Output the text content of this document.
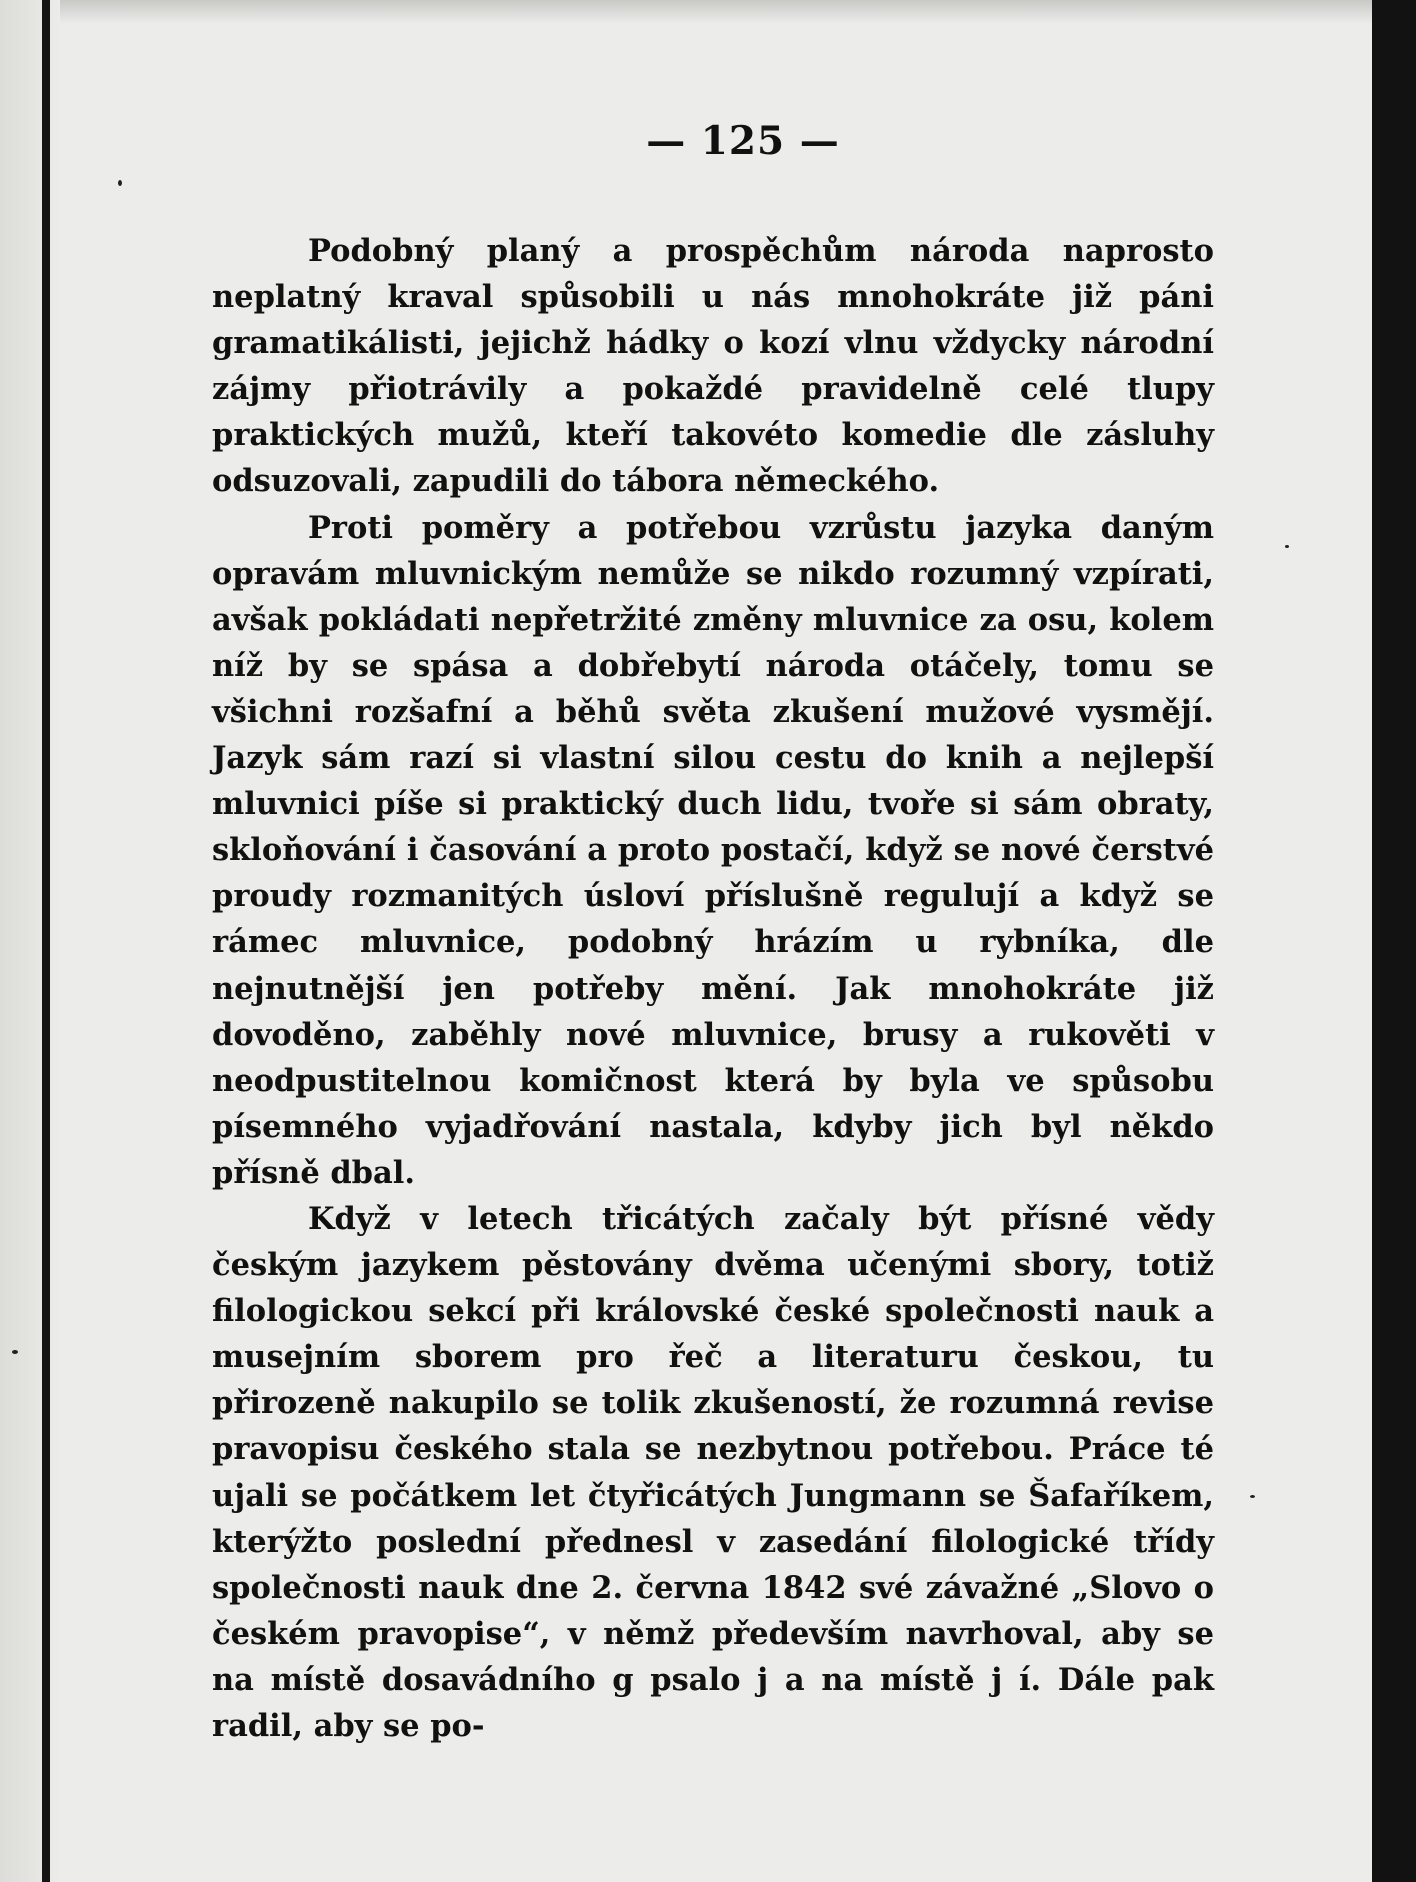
— 125 —

Podobný planý a prospěchům národa naprosto neplatný kraval spůsobili u nás mnohokráte již páni gramatikálisti, jejichž hádky o kozí vlnu vždycky národní zájmy přiotrávily a pokaždé pravidelně celé tlupy praktických mužů, kteří takovéto komedie dle zásluhy odsuzovali, zapudili do tábora německého.

Proti poměry a potřebou vzrůstu jazyka daným opravám mluvnickým nemůže se nikdo rozumný vzpírati, avšak pokládati nepřetržité změny mluvnice za osu, kolem níž by se spása a dobřebytí národa otáčely, tomu se všichni rozšafní a běhů světa zkušení mužové vysmějí. Jazyk sám razí si vlastní silou cestu do knih a nejlepší mluvnici píše si praktický duch lidu, tvoře si sám obraty, skloňování i časování a proto postačí, když se nové čerstvé proudy rozmanitých úsloví příslušně regulují a když se rámec mluvnice, podobný hrázím u rybníka, dle nejnutnější jen potřeby mění. Jak mnohokráte již dovoděno, zaběhly nové mluvnice, brusy a rukověti v neodpustitelnou komičnost která by byla ve spůsobu písemného vyjadřování nastala, kdyby jich byl někdo přísně dbal.

Když v letech třicátých začaly být přísné vědy českým jazykem pěstovány dvěma učenými sbory, totiž filologickou sekcí při královské české společnosti nauk a musejním sborem pro řeč a literaturu českou, tu přirozeně nakupilo se tolik zkušeností, že rozumná revise pravopisu českého stala se nezbytnou potřebou. Práce té ujali se počátkem let čtyřicátých Jungmann se Šafaříkem, kterýžto poslední přednesl v zasedání filologické třídy společnosti nauk dne 2. června 1842 své závažné „Slovo o českém pravopise“, v němž především navrhoval, aby se na místě dosavádního g psalo j a na místě j í. Dále pak radil, aby se po-
